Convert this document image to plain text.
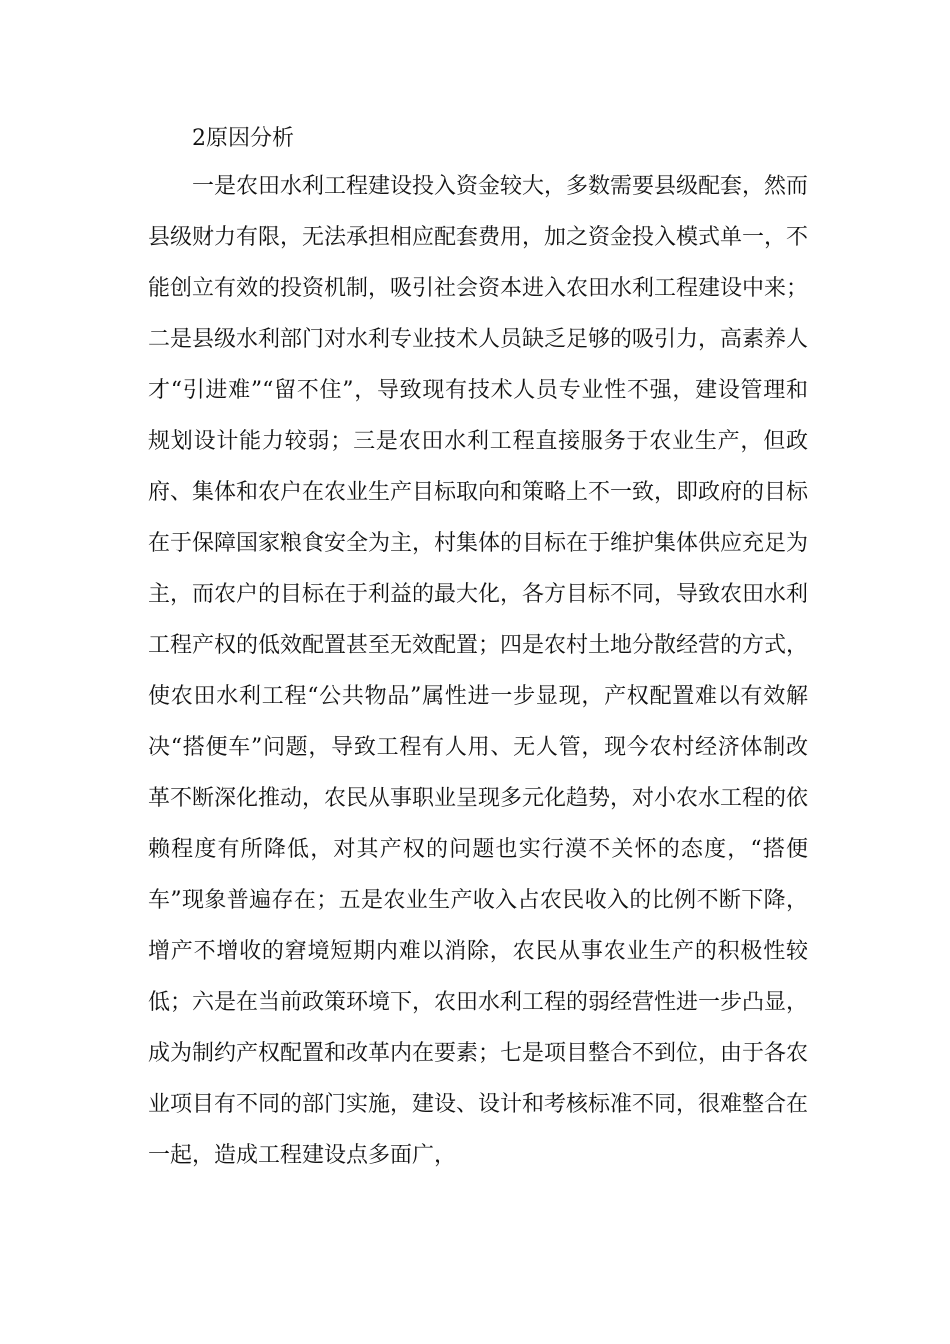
2原因分析

一是农田水利工程建设投入资金较大，多数需要县级配套，然而县级财力有限，无法承担相应配套费用，加之资金投入模式单一，不能创立有效的投资机制，吸引社会资本进入农田水利工程建设中来；二是县级水利部门对水利专业技术人员缺乏足够的吸引力，高素养人才“引进难”“留不住”，导致现有技术人员专业性不强，建设管理和规划设计能力较弱；三是农田水利工程直接服务于农业生产，但政府、集体和农户在农业生产目标取向和策略上不一致，即政府的目标在于保障国家粮食安全为主，村集体的目标在于维护集体供应充足为主，而农户的目标在于利益的最大化，各方目标不同，导致农田水利工程产权的低效配置甚至无效配置；四是农村土地分散经营的方式，使农田水利工程“公共物品”属性进一步显现，产权配置难以有效解决“搭便车”问题，导致工程有人用、无人管，现今农村经济体制改革不断深化推动，农民从事职业呈现多元化趋势，对小农水工程的依赖程度有所降低，对其产权的问题也实行漠不关怀的态度，“搭便车”现象普遍存在；五是农业生产收入占农民收入的比例不断下降，增产不增收的窘境短期内难以消除，农民从事农业生产的积极性较低；六是在当前政策环境下，农田水利工程的弱经营性进一步凸显，成为制约产权配置和改革内在要素；七是项目整合不到位，由于各农业项目有不同的部门实施，建设、设计和考核标准不同，很难整合在一起，造成工程建设点多面广，
